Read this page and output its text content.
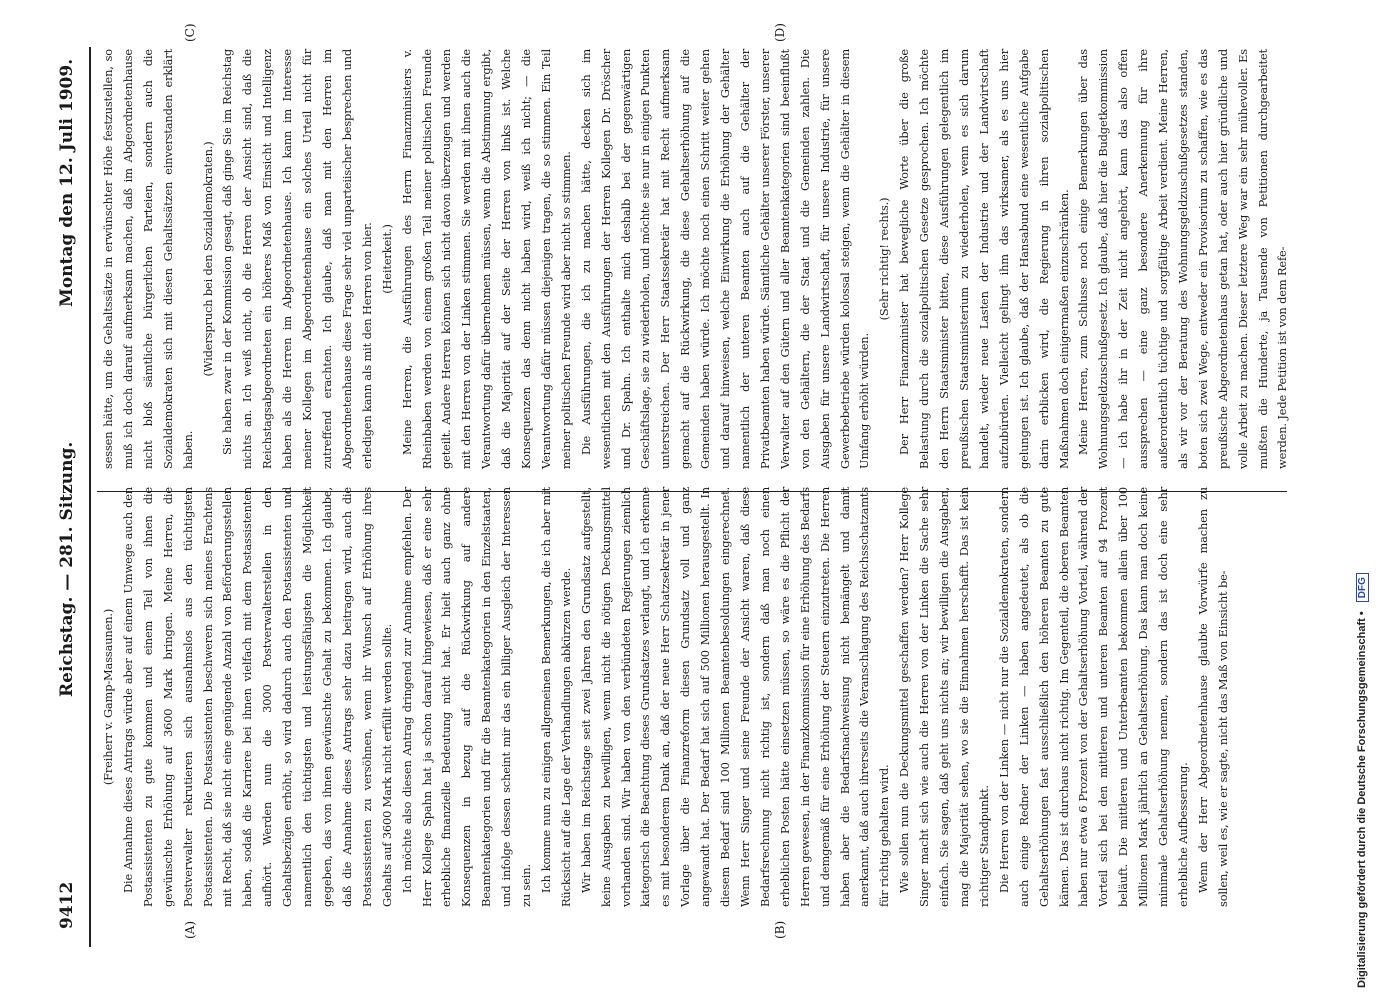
9412
Reichstag. — 281. Sitzung.
Montag den 12. Juli 1909.
(A)	(B)
(C)	(D)

(Freiherr v. Gamp-Massaunen.) Die Annahme dieses Antrags würde aber auf einem Umwege auch den Postassistenten zu gute kommen und einem Teil von ihnen die gewünschte Erhöhung auf 3600 Mark bringen. Meine Herren, die Postverwalter rekrutieren sich ausnahmslos aus den tüchtigsten Postassistenten. Die Postassistenten beschweren sich meines Erachtens mit Recht, daß sie nicht eine genügende Anzahl von Beförderungsstellen haben, sodaß die Karriere bei ihnen vielfach mit dem Postassistenten aufhört. Werden nun die 3000 Postverwalterstellen in den Gehaltsbezügen erhöht, so wird dadurch auch den Postassistenten und namentlich den tüchtigsten und leistungsfähigsten die Möglichkeit gegeben, das von ihnen gewünschte Gehalt zu bekommen. Ich glaube, daß die Annahme dieses Antrags sehr dazu beitragen wird, auch die Postassistenten zu versöhnen, wenn ihr Wunsch auf Erhöhung ihres Gehalts auf 3600 Mark nicht erfüllt werden sollte. Ich möchte also diesen Antrag dringend zur Annahme empfehlen. Der Herr Kollege Spahn hat ja schon darauf hingewiesen, daß er eine sehr erhebliche finanzielle Bedeutung nicht hat. Er hielt auch ganz ohne Konsequenzen in bezug auf die Rückwirkung auf andere Beamtenkategorien und für die Beamtenkategorien in den Einzelstaaten, und infolge dessen scheint mir das ein billiger Ausgleich der Interessen zu sein. Ich komme nun zu einigen allgemeinen Bemerkungen, die ich aber mit Rücksicht auf die Lage der Verhandlungen abkürzen werde. Wir haben im Reichstage seit zwei Jahren den Grundsatz aufgestellt, keine Ausgaben zu bewilligen, wenn nicht die nötigen Deckungsmittel vorhanden sind. Wir haben von den verbündeten Regierungen ziemlich kategorisch die Beachtung dieses Grundsatzes verlangt, und ich erkenne es mit besonderem Dank an, daß der neue Herr Schatzsekretär in jener Vorlage über die Finanzreform diesen Grundsatz voll und ganz angewandt hat. Der Bedarf hat sich auf 500 Millionen herausgestellt. In diesem Bedarf sind 100 Millionen Beamtenbesoldungen eingerechnet. Wenn Herr Singer und seine Freunde der Ansicht waren, daß diese Bedarfsrechnung nicht richtig ist, sondern daß man noch einen erheblichen Posten hätte einsetzen müssen, so wäre es die Pflicht der Herren gewesen, in der Finanzkommission für eine Erhöhung des Bedarfs und demgemäß für eine Erhöhung der Steuern einzutreten. Die Herren haben aber die Bedarfsnachweisung nicht bemängelt und damit anerkannt, daß auch ihrerseits die Veranschlagung des Reichsschatzamts für richtig gehalten wird. Wie sollen nun die Deckungsmittel geschaffen werden? Herr Kollege Singer macht sich wie auch die Herren von der Linken die Sache sehr einfach. Sie sagen, daß geht uns nichts an; wir bewilligen die Ausgaben, mag die Majorität sehen, wo sie die Einnahmen herschafft. Das ist kein richtiger Standpunkt. Die Herren von der Linken — nicht nur die Sozialdemokraten, sondern auch einige Redner der Linken — haben angedeutet, als ob die Gehaltserhöhungen fast ausschließlich den höheren Beamten zu gute kämen. Das ist durchaus nicht richtig. Im Gegenteil, die oberen Beamten haben nur etwa 6 Prozent von der Gehaltserhöhung Vorteil, während der Vorteil sich bei den mittleren und unteren Beamten auf 94 Prozent beläuft. Die mittleren und Unterbeamten bekommen allein über 100 Millionen Mark jährlich an Gehaltserhöhung. Das kann man doch keine minimale Gehaltserhöhung nennen, sondern das ist doch eine sehr erhebliche Aufbesserung. Wenn der Herr Abgeordnetenhause glaubte Vorwürfe machen zu sollen, weil es, wie er sagte, nicht das Maß von Einsicht be-

sessen hätte, um die Gehaltssätze in erwünschter Höhe festzustellen, so muß ich doch darauf aufmerksam machen, daß im Abgeordnetenhause nicht bloß sämtliche bürgerlichen Parteien, sondern auch die Sozialdemokraten sich mit diesen Gehaltssätzen einverstanden erklärt haben.

(Widerspruch bei den Sozialdemokraten.) Sie haben zwar in der Kommission gesagt, daß ginge Sie im Reichstag nichts an. Ich weiß nicht, ob die Herren der Ansicht sind, daß die Reichstagsabgeordneten ein höheres Maß von Einsicht und Intelligenz haben als die Herren im Abgeordnetenhause. Ich kann im Interesse meiner Kollegen im Abgeordnetenhause ein solches Urteil nicht für zutreffend erachten. Ich glaube, daß man mit den Herren im Abgeordnetenhause diese Frage sehr viel unparteiischer besprechen und erledigen kann als mit den Herren von hier. (Heiterkeit.) Meine Herren, die Ausführungen des Herrn Finanzministers v. Rheinbaben werden von einem großen Teil meiner politischen Freunde geteilt. Andere Herren können sich nicht davon überzeugen und werden mit den Herren von der Linken stimmen. Sie werden mit ihnen auch die Verantwortung dafür übernehmen müssen, wenn die Abstimmung ergibt, daß die Majorität auf der Seite der Herren von links ist. Welche Konsequenzen das denn nicht haben wird, weiß ich nicht; — die Verantwortung dafür müssen diejenigen tragen, die so stimmen. Ein Teil meiner politischen Freunde wird aber nicht so stimmen. Die Ausführungen, die ich zu machen hätte, decken sich im wesentlichen mit den Ausführungen der Herren Kollegen Dr. Dröscher und Dr. Spahn. Ich enthalte mich deshalb bei der gegenwärtigen Geschäftslage, sie zu wiederholen, und möchte sie nur in einigen Punkten unterstreichen. Der Herr Staatssekretär hat mit Recht aufmerksam gemacht auf die Rückwirkung, die diese Gehaltserhöhung auf die Gemeinden haben würde. Ich möchte noch einen Schritt weiter gehen und darauf hinweisen, welche Einwirkung die Erhöhung der Gehälter namentlich der unteren Beamten auch auf die Gehälter der Privatbeamten haben würde. Sämtliche Gehälter unserer Förster, unserer Verwalter auf den Gütern und aller Beamtenkategorien sind beeinflußt von den Gehältern, die der Staat und die Gemeinden zahlen. Die Ausgaben für unsere Landwirtschaft, für unsere Industrie, für unsere Gewerbebetriebe würden kolossal steigen, wenn die Gehälter in diesem Umfang erhöht würden.

(Sehr richtig! rechts.) Der Herr Finanzminister hat bewegliche Worte über die große Belastung durch die sozialpolitischen Gesetze gesprochen. Ich möchte den Herrn Staatsminister bitten, diese Ausführungen gelegentlich im preußischen Staatsministerium zu wiederholen, wenn es sich darum handelt, wieder neue Lasten der Industrie und der Landwirtschaft aufzubürden. Vielleicht gelingt ihm das wirksamer, als es uns hier gelungen ist. Ich glaube, daß der Hansabund eine wesentliche Aufgabe darin erblicken wird, die Regierung in ihren sozialpolitischen Maßnahmen doch einigermaßen einzuschränken. Meine Herren, zum Schlusse noch einige Bemerkungen über das Wohnungsgeldzuschußgesetz. Ich glaube, daß hier die Budgetkommission — ich habe ihr in der Zeit nicht angehört, kann das also offen aussprechen — eine ganz besondere Anerkennung für ihre außerordentlich tüchtige und sorgfältige Arbeit verdient. Meine Herren, als wir vor der Beratung des Wohnungsgeldzuschußgesetzes standen, boten sich zwei Wege, entweder ein Provisorium zu schaffen, wie es das preußische Abgeordnetenhaus getan hat, oder auch hier gründliche und volle Arbeit zu machen. Dieser letztere Weg war ein sehr mühevoller. Es mußten die Hunderte, ja Tausende von Petitionen durchgearbeitet werden. Jede Petition ist von dem Refe-

Digitalisierung gefördert durch die Deutsche Forschungsgemeinschaft • DFG
